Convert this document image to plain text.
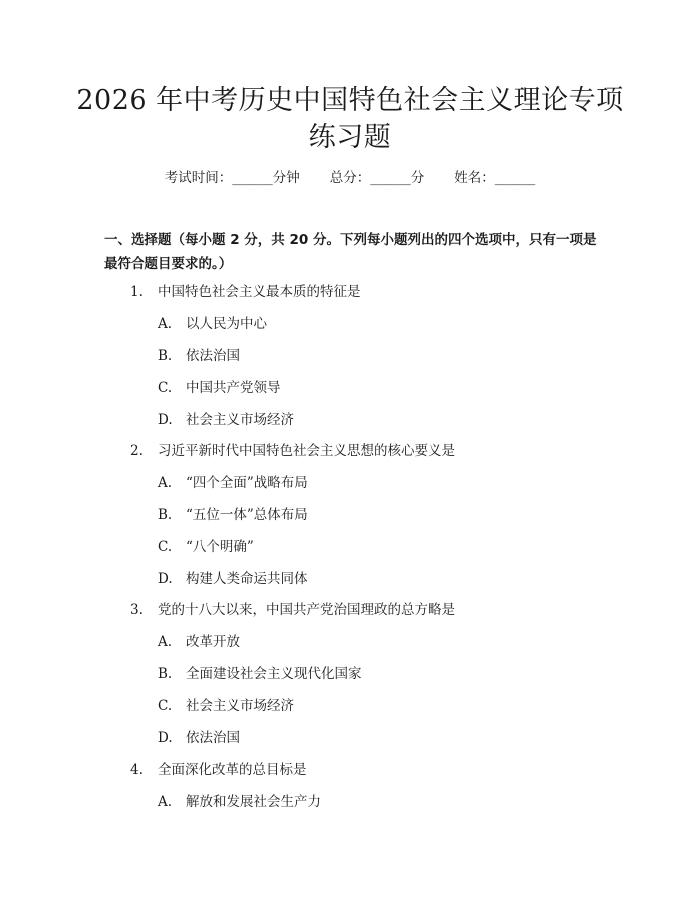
2026 年中考历史中国特色社会主义理论专项
练习题
考试时间：______分钟 总分：______分 姓名：______
一、选择题（每小题 2 分，共 20 分。下列每小题列出的四个选项中，只有一项是最符合题目要求的。）
1. 中国特色社会主义最本质的特征是
A. 以人民为中心
B. 依法治国
C. 中国共产党领导
D. 社会主义市场经济
2. 习近平新时代中国特色社会主义思想的核心要义是
A. “四个全面”战略布局
B. “五位一体”总体布局
C. “八个明确”
D. 构建人类命运共同体
3. 党的十八大以来，中国共产党治国理政的总方略是
A. 改革开放
B. 全面建设社会主义现代化国家
C. 社会主义市场经济
D. 依法治国
4. 全面深化改革的总目标是
A. 解放和发展社会生产力
